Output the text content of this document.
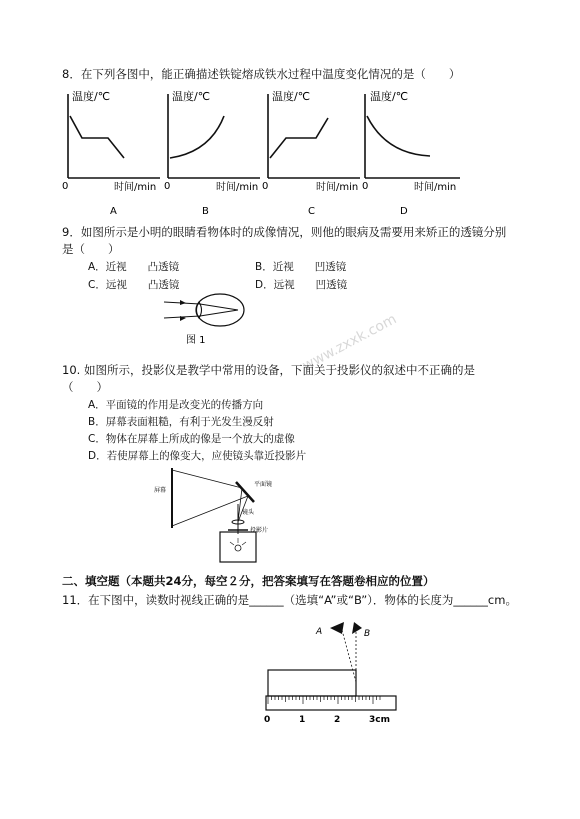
8．在下列各图中，能正确描述铁锭熔成铁水过程中温度变化情况的是（　　）
温度/℃
0	时间/min
A
温度/℃
0	时间/min
B
温度/℃
0	时间/min
C
温度/℃
0	时间/min
D
9．如图所示是小明的眼睛看物体时的成像情况，则他的眼病及需要用来矫正的透镜分别
是（　　）
A．近视　　凸透镜	B．近视　　凹透镜
C．远视　　凸透镜	D．远视　　凹透镜
图 1	www.zxxk.com
10. 如图所示，投影仪是教学中常用的设备，下面关于投影仪的叙述中不正确的是
（　　）
A．平面镜的作用是改变光的传播方向
B．屏幕表面粗糙，有利于光发生漫反射
C．物体在屏幕上所成的像是一个放大的虚像
D．若使屏幕上的像变大，应使镜头靠近投影片
屏幕
平面镜
镜头
投影片
二、填空题（本题共24分，每空２分，把答案填写在答题卷相应的位置）
11．在下图中，读数时视线正确的是______（选填“A”或“B”）．物体的长度为______cm。
A	B
0	1	2	3cm
